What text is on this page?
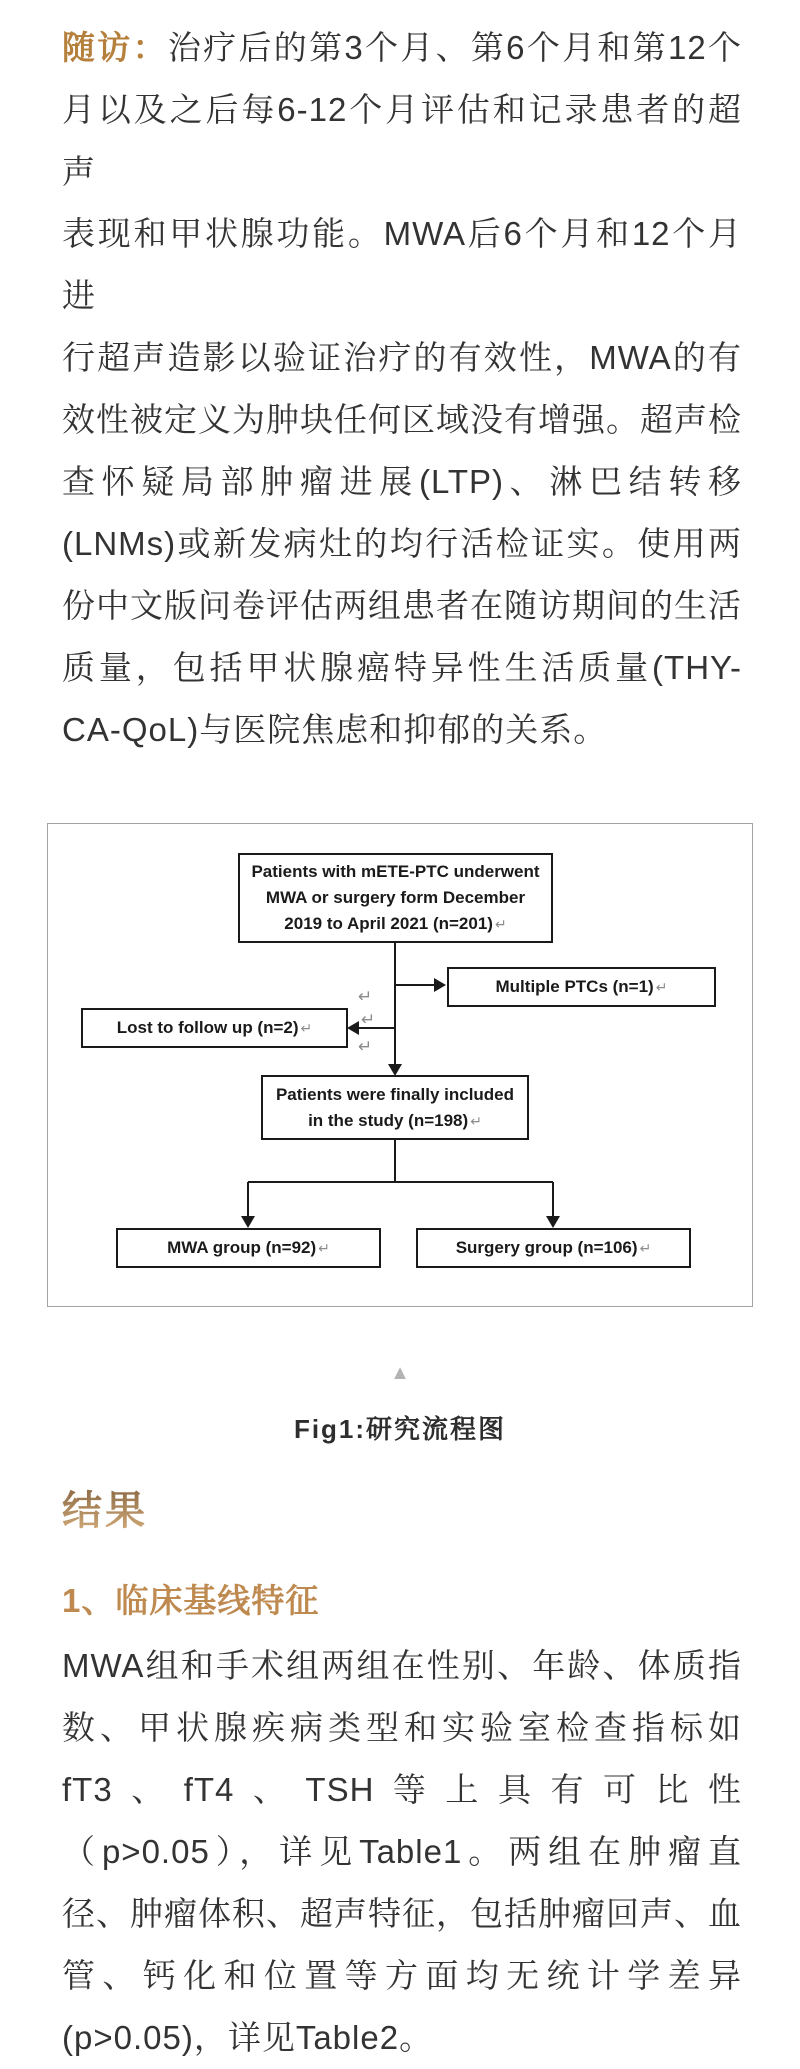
随访：治疗后的第3个月、第6个月和第12个
月以及之后每6-12个月评估和记录患者的超声
表现和甲状腺功能。MWA后6个月和12个月进
行超声造影以验证治疗的有效性，MWA的有
效性被定义为肿块任何区域没有增强。超声检
查怀疑局部肿瘤进展(LTP)、淋巴结转移
(LNMs)或新发病灶的均行活检证实。使用两
份中文版问卷评估两组患者在随访期间的生活
质量，包括甲状腺癌特异性生活质量(THY-
CA-QoL)与医院焦虑和抑郁的关系。
Patients with mETE-PTC underwent
MWA or surgery form December
2019 to April 2021 (n=201) ↵
Multiple PTCs (n=1) ↵
Lost to follow up (n=2) ↵
Patients were finally included
in the study (n=198) ↵
MWA group (n=92) ↵	Surgery group (n=106) ↵
↵
↵
↵
▲
Fig1:研究流程图
结果
1、临床基线特征
MWA组和手术组两组在性别、年龄、体质指
数、甲状腺疾病类型和实验室检查指标如
fT3、fT4、TSH等上具有可比性
（p>0.05），详见Table1。两组在肿瘤直
径、肿瘤体积、超声特征，包括肿瘤回声、血
管、钙化和位置等方面均无统计学差异
(p>0.05)，详见Table2。
